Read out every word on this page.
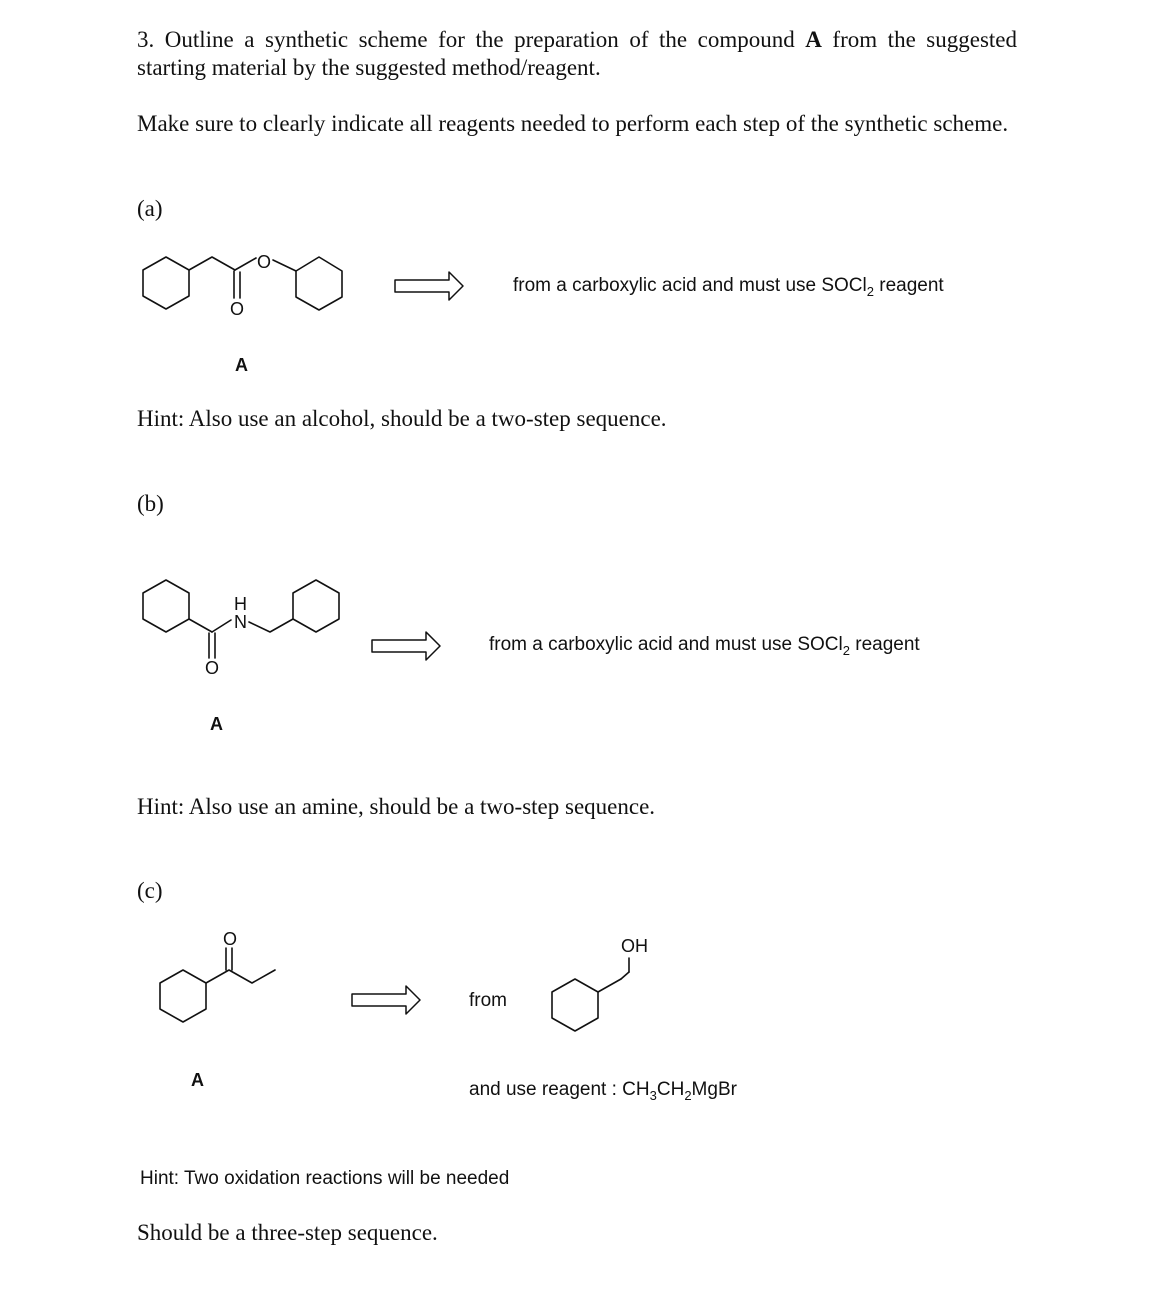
3. Outline a synthetic scheme for the preparation of the compound A from the suggested
starting material by the suggested method/reagent.
Make sure to clearly indicate all reagents needed to perform each step of the synthetic scheme.
(a)
O
O
from a carboxylic acid and must use SOCl$_2$ reagent
A
Hint: Also use an alcohol, should be a two-step sequence.
(b)
O
H
N
from a carboxylic acid and must use SOCl$_2$ reagent
A
Hint: Also use an amine, should be a two-step sequence.
(c)
O
from
OH
and use reagent : $CH_3CH_2MgBr$
A
Hint: Two oxidation reactions will be needed
Should be a three-step sequence.
